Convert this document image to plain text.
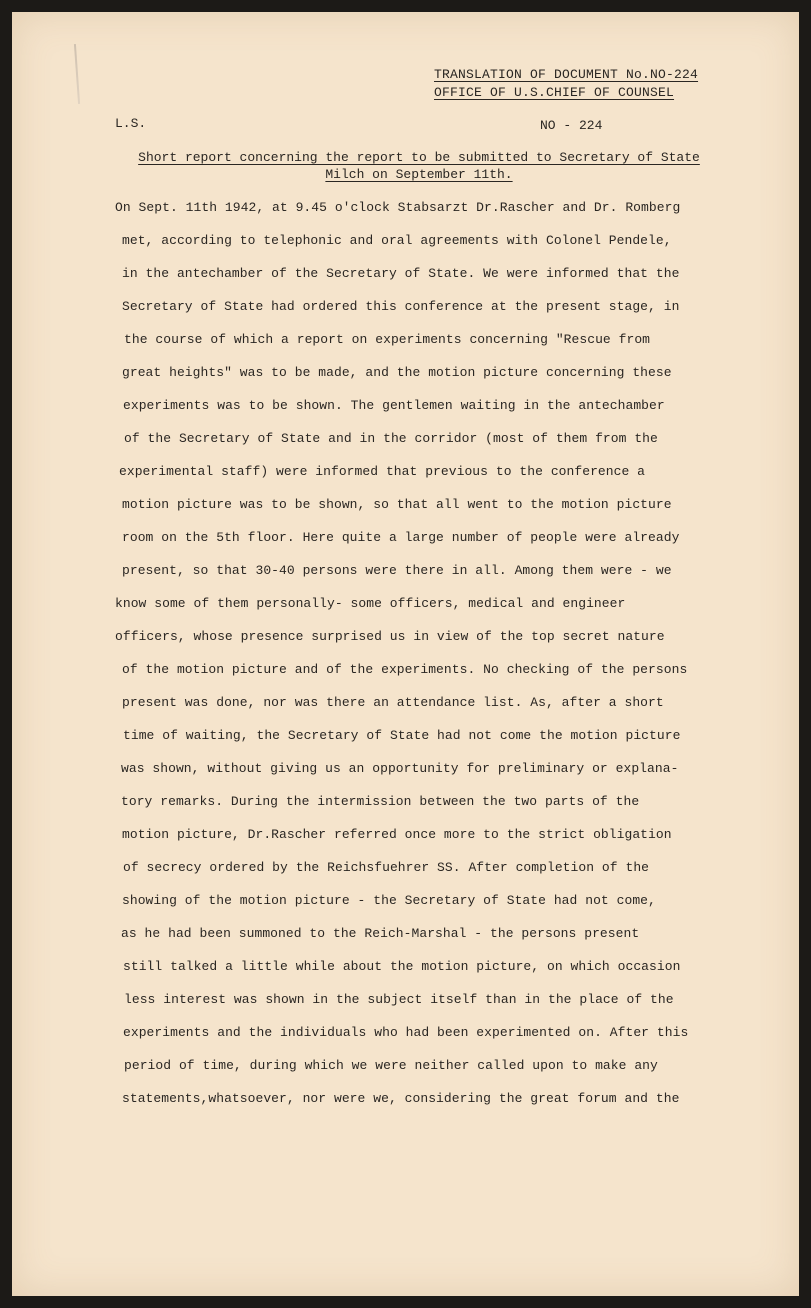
TRANSLATION OF DOCUMENT No.NO-224
OFFICE OF U.S.CHIEF OF COUNSEL
L.S.	NO - 224
Short report concerning the report to be submitted to Secretary of State
Milch on September 11th.
On Sept. 11th 1942, at 9.45 o'clock Stabsarzt Dr.Rascher and Dr. Romberg
met, according to telephonic and oral agreements with Colonel Pendele,
in the antechamber of the Secretary of State. We were informed that the
Secretary of State had ordered this conference at the present stage, in
the course of which a report on experiments concerning "Rescue from
great heights" was to be made, and the motion picture concerning these
experiments was to be shown. The gentlemen waiting in the antechamber
of the Secretary of State and in the corridor (most of them from the
experimental staff) were informed that previous to the conference a
motion picture was to be shown, so that all went to the motion picture
room on the 5th floor. Here quite a large number of people were already
present, so that 30-40 persons were there in all. Among them were - we
know some of them personally- some officers, medical and engineer
officers, whose presence surprised us in view of the top secret nature
of the motion picture and of the experiments. No checking of the persons
present was done, nor was there an attendance list. As, after a short
time of waiting, the Secretary of State had not come the motion picture
was shown, without giving us an opportunity for preliminary or explana-
tory remarks. During the intermission between the two parts of the
motion picture, Dr.Rascher referred once more to the strict obligation
of secrecy ordered by the Reichsfuehrer SS. After completion of the
showing of the motion picture - the Secretary of State had not come,
as he had been summoned to the Reich-Marshal - the persons present
still talked a little while about the motion picture, on which occasion
less interest was shown in the subject itself than in the place of the
experiments and the individuals who had been experimented on. After this
period of time, during which we were neither called upon to make any
statements,whatsoever, nor were we, considering the great forum and the
